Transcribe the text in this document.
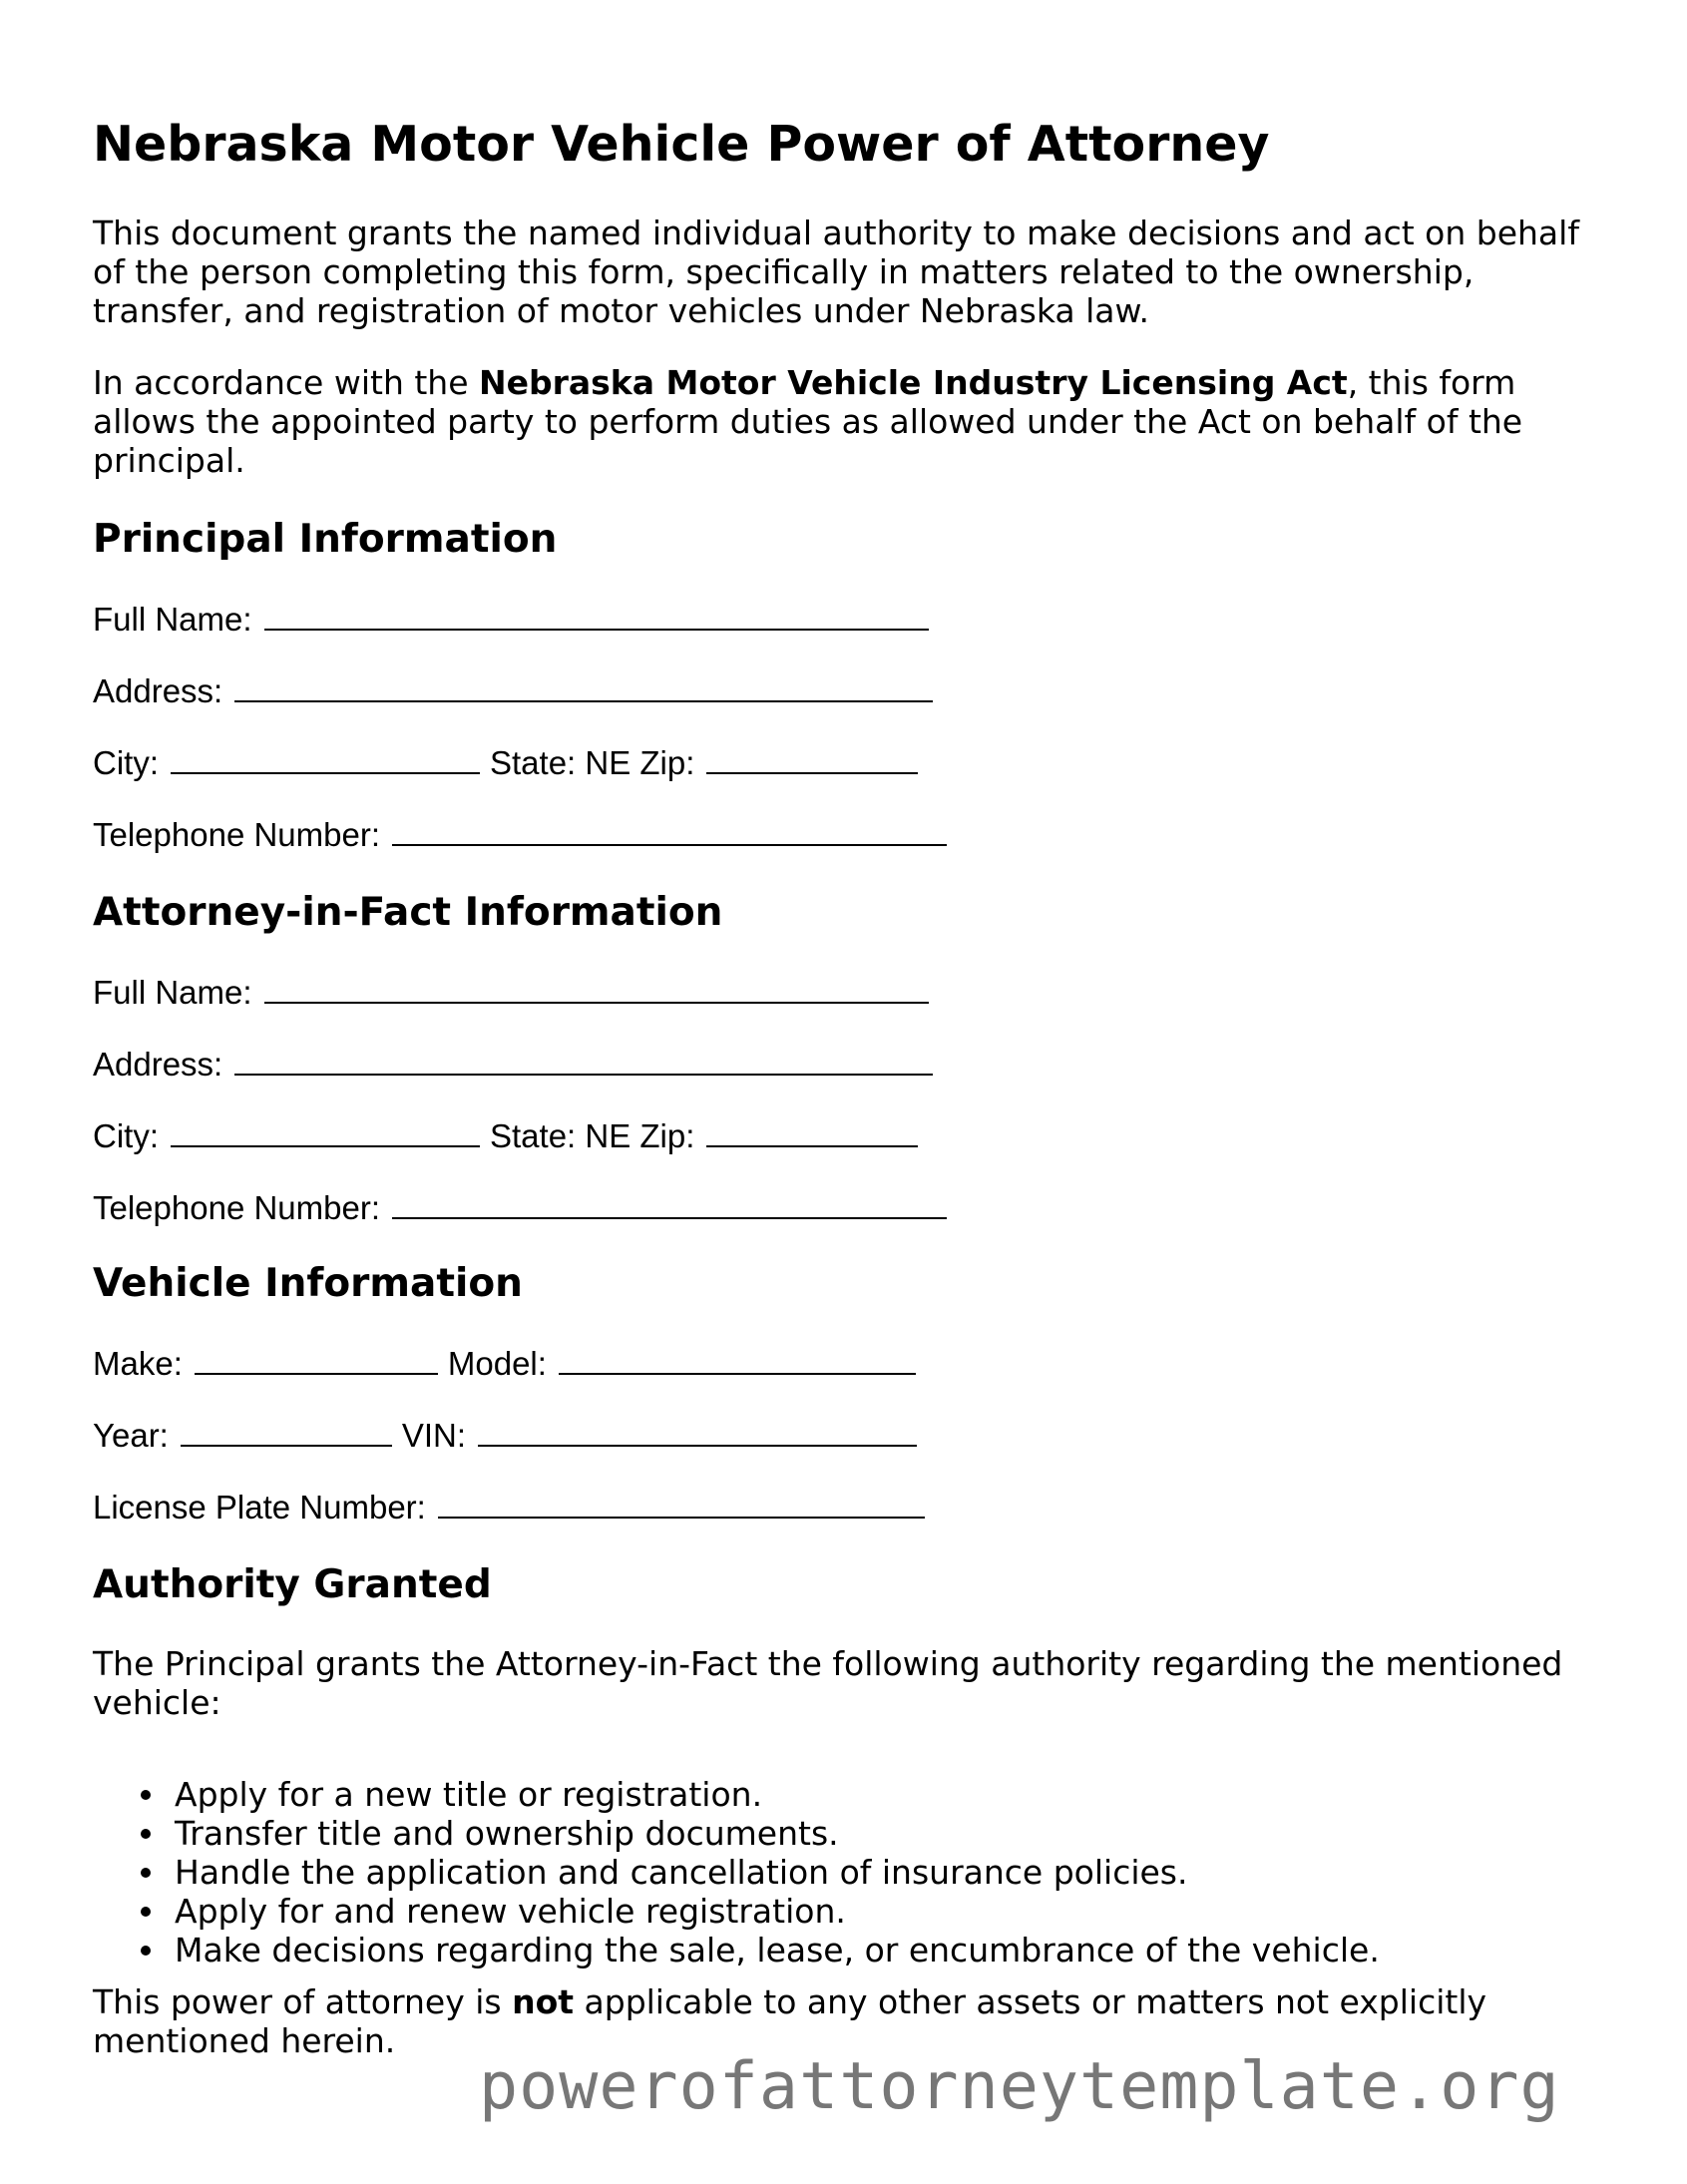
Nebraska Motor Vehicle Power of Attorney

This document grants the named individual authority to make decisions and act on behalf
of the person completing this form, specifically in matters related to the ownership,
transfer, and registration of motor vehicles under Nebraska law.

In accordance with the Nebraska Motor Vehicle Industry Licensing Act, this form
allows the appointed party to perform duties as allowed under the Act on behalf of the
principal.

Principal Information
Full Name:
Address:
City:	State: NE Zip:
Telephone Number:
Attorney-in-Fact Information
Full Name:
Address:
City:	State: NE Zip:
Telephone Number:
Vehicle Information
Make:	Model:
Year:	VIN:
License Plate Number:
Authority Granted

The Principal grants the Attorney-in-Fact the following authority regarding the mentioned
vehicle:

Apply for a new title or registration.
Transfer title and ownership documents.
Handle the application and cancellation of insurance policies.
Apply for and renew vehicle registration.
Make decisions regarding the sale, lease, or encumbrance of the vehicle.

This power of attorney is not applicable to any other assets or matters not explicitly
mentioned herein.

powerofattorneytemplate.org
